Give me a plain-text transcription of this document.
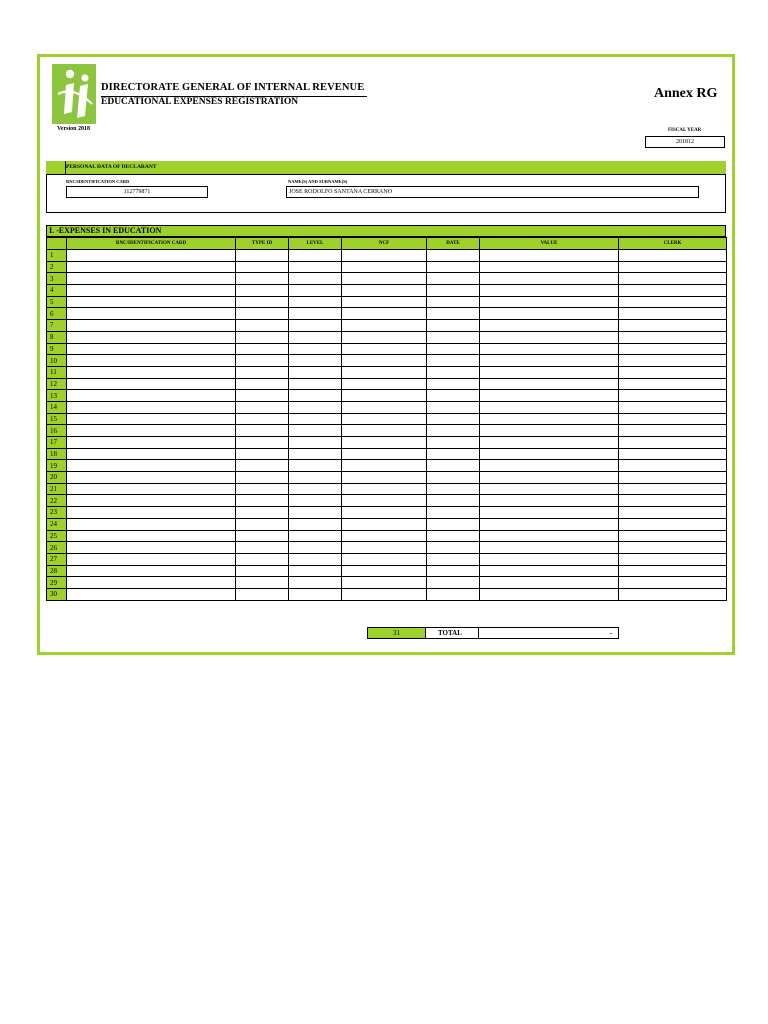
DIRECTORATE GENERAL OF INTERNAL REVENUE
EDUCATIONAL EXPENSES REGISTRATION
Version 2018
Annex RG
FISCAL YEAR
201812
PERSONAL DATA OF DECLARANT
RNC/IDENTIFICATION CARD
112779871
NAME(S) AND SURNAME(S)
JOSE RODOLFO SANTANA CERRANO
I. -EXPENSES IN EDUCATION
	RNC/IDENTIFICATION CARD	TYPE ID	LEVEL	NCF	DATE	VALUE	CLERK
1							
2							
3							
4							
5							
6							
7							
8							
9							
10							
11							
12							
13							
14							
15							
16							
17							
18							
19							
20							
21							
22							
23							
24							
25							
26							
27							
28							
29							
30							
31	TOTAL	-
